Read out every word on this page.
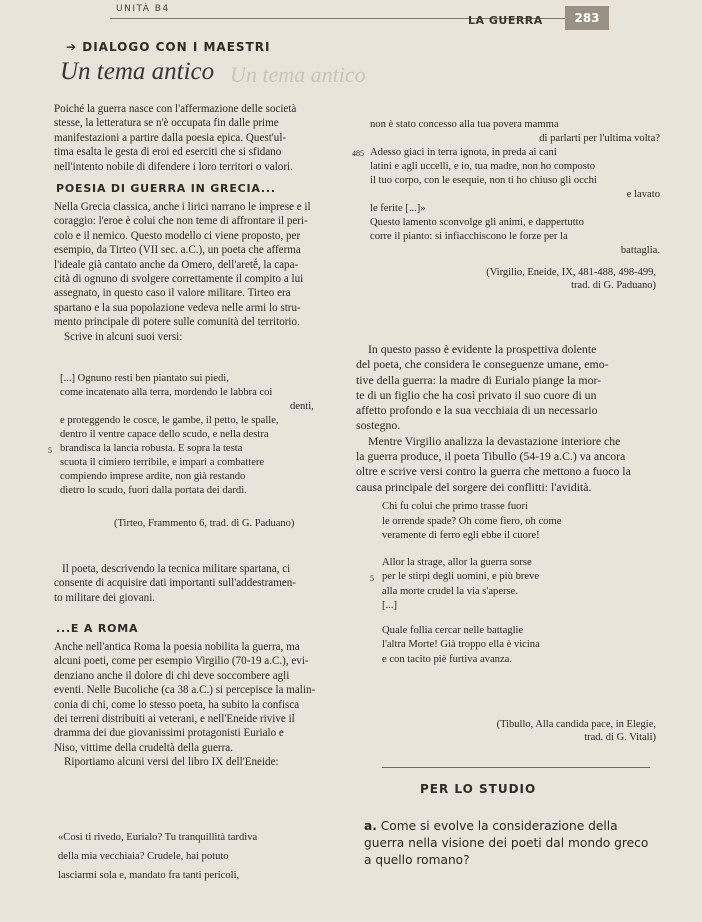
UNITÀ B4
LA GUERRA	283
➔ DIALOGO CON I MAESTRI
Un tema antico
Un tema antico

Poiché la guerra nasce con l'affermazione delle società

stesse, la letteratura se n'è occupata fin dalle prime

manifestazioni a partire dalla poesia epica. Quest'ul-

tima esalta le gesta di eroi ed eserciti che si sfidano

nell'intento nobile di difendere i loro territori o valori.

POESIA DI GUERRA IN GRECIA...

Nella Grecia classica, anche i lirici narrano le imprese e il

coraggio: l'eroe è colui che non teme di affrontare il peri-

colo e il nemico. Questo modello ci viene proposto, per

esempio, da Tirteo (VII sec. a.C.), un poeta che afferma

l'ideale già cantato anche da Omero, dell'aretḗ, la capa-

cità di ognuno di svolgere correttamente il compito a lui

assegnato, in questo caso il valore militare. Tirteo era

spartano e la sua popolazione vedeva nelle armi lo stru-

mento principale di potere sulle comunità del territorio.

Scrive in alcuni suoi versi:

[...] Ognuno resti ben piantato sui piedi,

come incatenato alla terra, mordendo le labbra coi

denti,

e proteggendo le cosce, le gambe, il petto, le spalle,

dentro il ventre capace dello scudo, e nella destra

brandisca la lancia robusta. E sopra la testa

scuota il cimiero terribile, e impari a combattere

compiendo imprese ardite, non già restando

dietro lo scudo, fuori dalla portata dei dardi.

5
(Tirteo, Frammento 6, trad. di G. Paduano)

Il poeta, descrivendo la tecnica militare spartana, ci

consente di acquisire dati importanti sull'addestramen-

to militare dei giovani.

...E A ROMA

Anche nell'antica Roma la poesia nobilita la guerra, ma

alcuni poeti, come per esempio Virgilio (70-19 a.C.), evi-

denziano anche il dolore di chi deve soccombere agli

eventi. Nelle Bucoliche (ca 38 a.C.) si percepisce la malin-

conia di chi, come lo stesso poeta, ha subito la confisca

dei terreni distribuiti ai veterani, e nell'Eneide rivive il

dramma dei due giovanissimi protagonisti Eurialo e

Niso, vittime della crudeltà della guerra.

Riportiamo alcuni versi del libro IX dell'Eneide:

«Così ti rivedo, Eurialo? Tu tranquillità tardiva

della mia vecchiaia? Crudele, hai potuto

lasciarmi sola e, mandato fra tanti pericoli,

non è stato concesso alla tua povera mamma

di parlarti per l'ultima volta?

Adesso giaci in terra ignota, in preda ai cani

latini e agli uccelli, e io, tua madre, non ho composto

il tuo corpo, con le esequie, non ti ho chiuso gli occhi

e lavato

le ferite [...]»

Questo lamento sconvolge gli animi, e dappertutto

corre il pianto: si infiacchiscono le forze per la

battaglia.

485

(Virgilio, Eneide, IX, 481-488, 498-499,

trad. di G. Paduano)

In questo passo è evidente la prospettiva dolente

del poeta, che considera le conseguenze umane, emo-

tive della guerra: la madre di Eurialo piange la mor-

te di un figlio che ha così privato il suo cuore di un

affetto profondo e la sua vecchiaia di un necessario

sostegno.

Mentre Virgilio analizza la devastazione interiore che

la guerra produce, il poeta Tibullo (54-19 a.C.) va ancora

oltre e scrive versi contro la guerra che mettono a fuoco la

causa principale del sorgere dei conflitti: l'avidità.

Chi fu colui che primo trasse fuori

le orrende spade? Oh come fiero, oh come

veramente di ferro egli ebbe il cuore!

Allor la strage, allor la guerra sorse

per le stirpi degli uomini, e più breve

alla morte crudel la via s'aperse.

[...]

Quale follia cercar nelle battaglie

l'altra Morte! Già troppo ella è vicina

e con tacito piè furtiva avanza.

5

(Tibullo, Alla candida pace, in Elegie,

trad. di G. Vitali)

PER LO STUDIO
a. Come si evolve la considerazione della guerra nella visione dei poeti dal mondo greco a quello romano?
